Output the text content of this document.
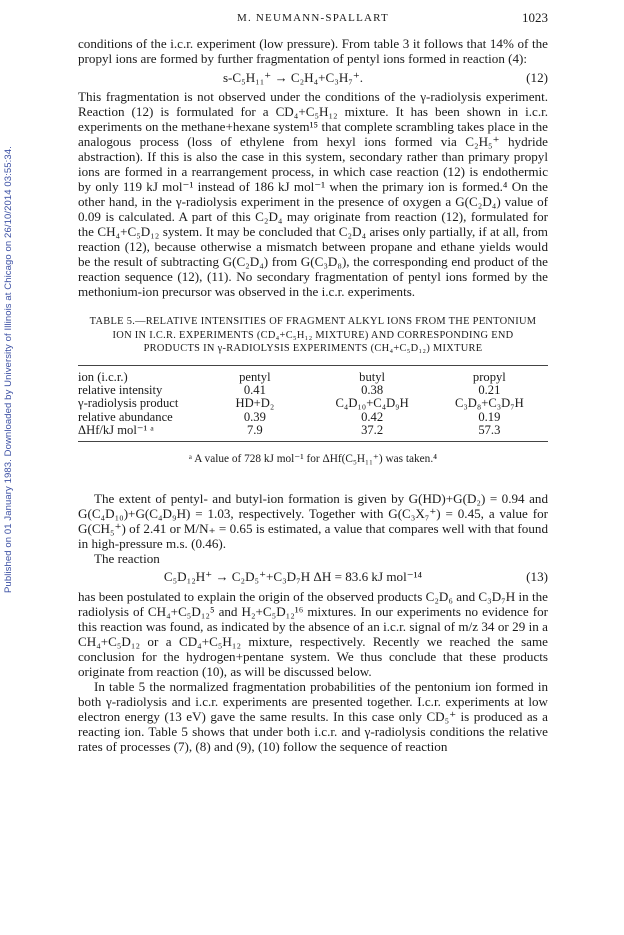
Published on 01 January 1983. Downloaded by University of Illinois at Chicago on 26/10/2014 03:55:34.
M. NEUMANN-SPALLART	1023

conditions of the i.c.r. experiment (low pressure). From table 3 it follows that 14% of the propyl ions are formed by further fragmentation of pentyl ions formed in reaction (4):

s-C₅H₁₁⁺ → C₂H₄+C₃H₇⁺.	(12)

This fragmentation is not observed under the conditions of the γ-radiolysis experiment. Reaction (12) is formulated for a CD₄+C₅H₁₂ mixture. It has been shown in i.c.r. experiments on the methane+hexane system¹⁵ that complete scrambling takes place in the analogous process (loss of ethylene from hexyl ions formed via C₂H₅⁺ hydride abstraction). If this is also the case in this system, secondary rather than primary propyl ions are formed in a rearrangement process, in which case reaction (12) is endothermic by only 119 kJ mol⁻¹ instead of 186 kJ mol⁻¹ when the primary ion is formed.⁴ On the other hand, in the γ-radiolysis experiment in the presence of oxygen a G(C₂D₄) value of 0.09 is calculated. A part of this C₂D₄ may originate from reaction (12), formulated for the CH₄+C₅D₁₂ system. It may be concluded that C₂D₄ arises only partially, if at all, from reaction (12), because otherwise a mismatch between propane and ethane yields would be the result of subtracting G(C₂D₄) from G(C₃D₈), the corresponding end product of the reaction sequence (12), (11). No secondary fragmentation of pentyl ions formed by the methonium-ion precursor was observed in the i.c.r. experiments.

TABLE 5.—RELATIVE INTENSITIES OF FRAGMENT ALKYL IONS FROM THE PENTONIUM ION IN I.C.R. EXPERIMENTS (CD₄+C₅H₁₂ MIXTURE) AND CORRESPONDING END PRODUCTS IN γ-RADIOLYSIS EXPERIMENTS (CH₄+C₅D₁₂) MIXTURE
ion (i.c.r.)	pentyl	butyl	propyl
relative intensity	0.41	0.38	0.21
γ-radiolysis product	HD+D₂	C₄D₁₀+C₄D₉H	C₃D₈+C₃D₇H
relative abundance	0.39	0.42	0.19
ΔHf/kJ mol⁻¹ ᵃ	7.9	37.2	57.3
ᵃ A value of 728 kJ mol⁻¹ for ΔHf(C₅H₁₁⁺) was taken.⁴

The extent of pentyl- and butyl-ion formation is given by G(HD)+G(D₂) = 0.94 and G(C₄D₁₀)+G(C₄D₉H) = 1.03, respectively. Together with G(C₃X₇⁺) = 0.45, a value for G(CH₅⁺) of 2.41 or M/N₊ = 0.65 is estimated, a value that compares well with that found in high-pressure m.s. (0.46).

The reaction

C₅D₁₂H⁺ → C₂D₅⁺+C₃D₇H ΔH = 83.6 kJ mol⁻¹⁴	(13)

has been postulated to explain the origin of the observed products C₂D₆ and C₃D₇H in the radiolysis of CH₄+C₅D₁₂⁵ and H₂+C₅D₁₂¹⁶ mixtures. In our experiments no evidence for this reaction was found, as indicated by the absence of an i.c.r. signal of m/z 34 or 29 in a CH₄+C₅D₁₂ or a CD₄+C₅H₁₂ mixture, respectively. Recently we reached the same conclusion for the hydrogen+pentane system. We thus conclude that these products originate from reaction (10), as will be discussed below.

In table 5 the normalized fragmentation probabilities of the pentonium ion formed in both γ-radiolysis and i.c.r. experiments are presented together. I.c.r. experiments at low electron energy (13 eV) gave the same results. In this case only CD₅⁺ is produced as a reacting ion. Table 5 shows that under both i.c.r. and γ-radiolysis conditions the relative rates of processes (7), (8) and (9), (10) follow the sequence of reaction
